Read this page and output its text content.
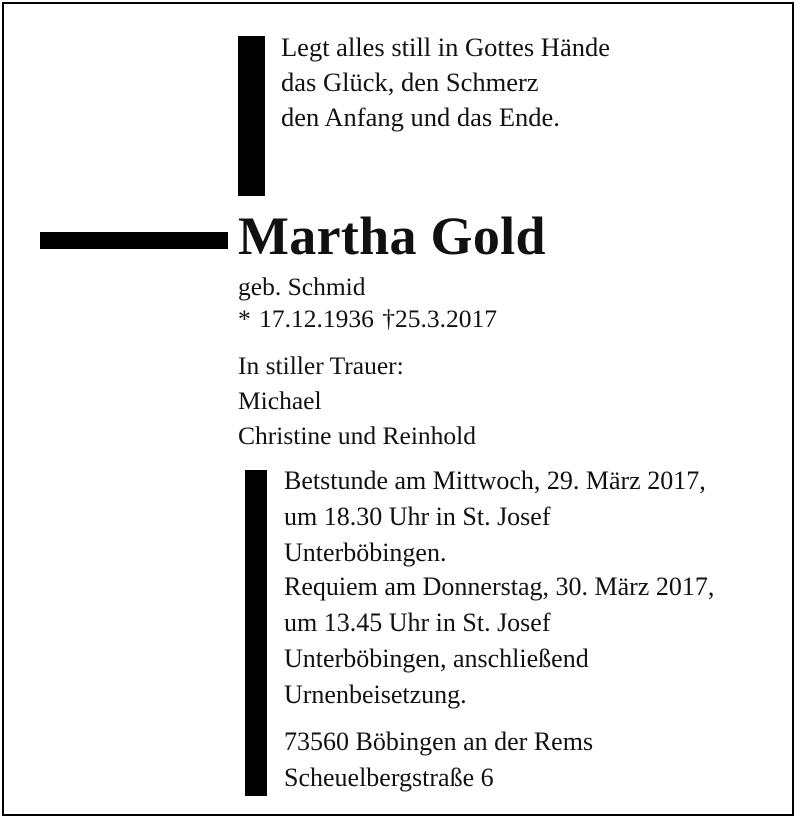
Legt alles still in Gottes Hände
das Glück, den Schmerz
den Anfang und das Ende.
Martha Gold
geb. Schmid
* 17.12.1936 †25.3.2017
In stiller Trauer:
Michael
Christine und Reinhold
Betstunde am Mittwoch, 29. März 2017,
um 18.30 Uhr in St. Josef
Unterböbingen.
Requiem am Donnerstag, 30. März 2017,
um 13.45 Uhr in St. Josef
Unterböbingen, anschließend
Urnenbeisetzung.
73560 Böbingen an der Rems
Scheuelbergstraße 6
